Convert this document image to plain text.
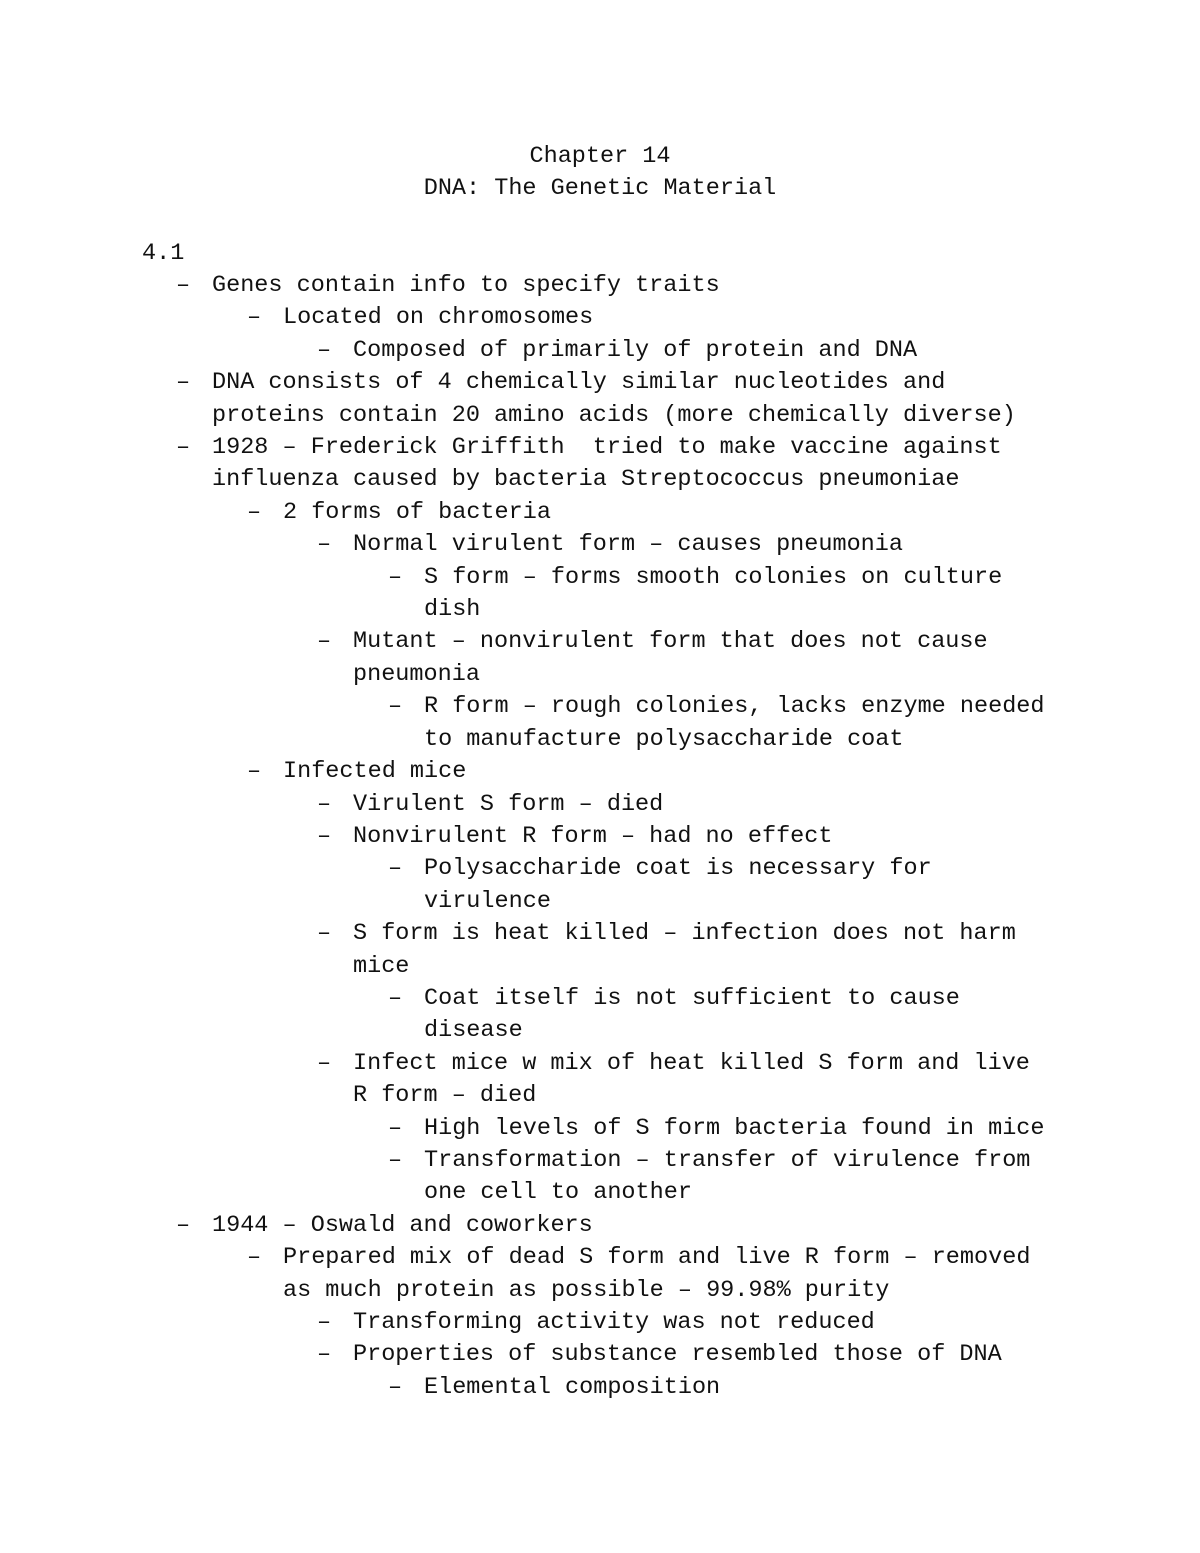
Chapter 14
DNA: The Genetic Material
4.1
– Genes contain info to specify traits
– Located on chromosomes
– Composed of primarily of protein and DNA
– DNA consists of 4 chemically similar nucleotides and
proteins contain 20 amino acids (more chemically diverse)
– 1928 – Frederick Griffith  tried to make vaccine against
influenza caused by bacteria Streptococcus pneumoniae
– 2 forms of bacteria
– Normal virulent form – causes pneumonia
– S form – forms smooth colonies on culture
dish
– Mutant – nonvirulent form that does not cause
pneumonia
– R form – rough colonies, lacks enzyme needed
to manufacture polysaccharide coat
– Infected mice
– Virulent S form – died
– Nonvirulent R form – had no effect
– Polysaccharide coat is necessary for
virulence
– S form is heat killed – infection does not harm
mice
– Coat itself is not sufficient to cause
disease
– Infect mice w mix of heat killed S form and live
R form – died
– High levels of S form bacteria found in mice
– Transformation – transfer of virulence from
one cell to another
– 1944 – Oswald and coworkers
– Prepared mix of dead S form and live R form – removed
as much protein as possible – 99.98% purity
– Transforming activity was not reduced
– Properties of substance resembled those of DNA
– Elemental composition
